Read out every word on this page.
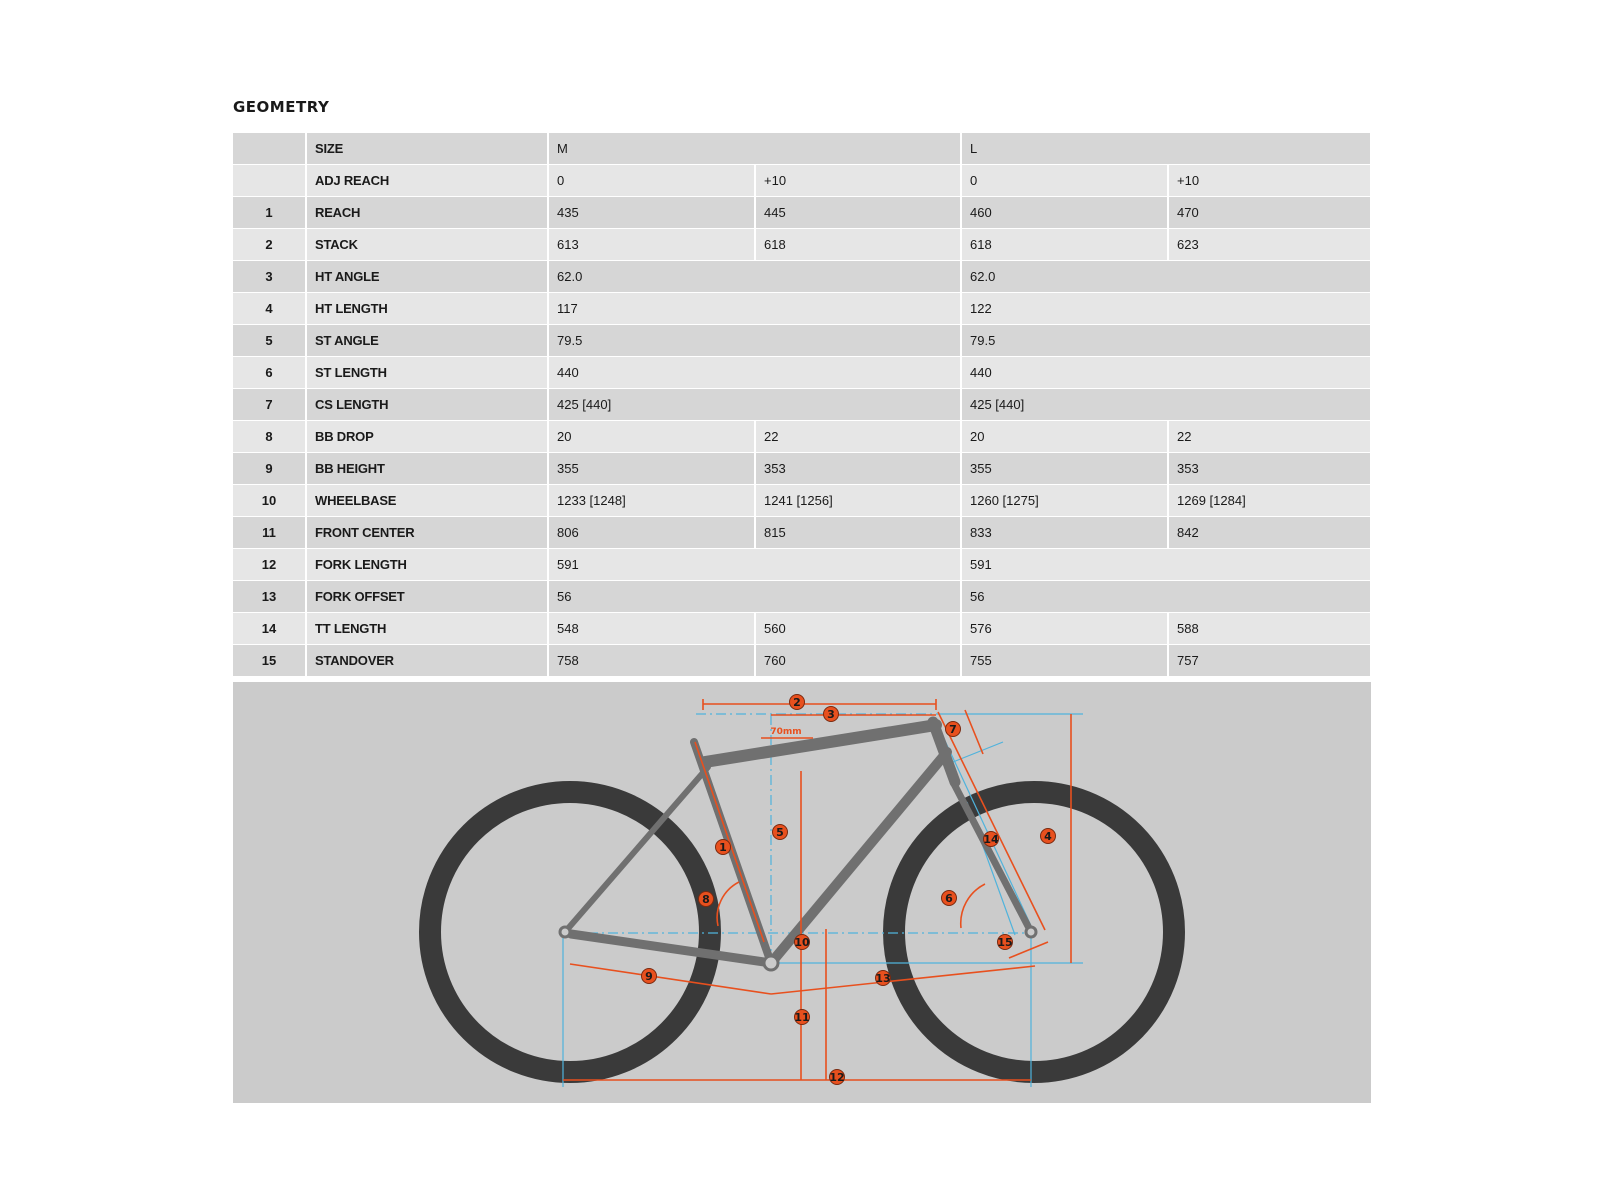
GEOMETRY
	SIZE	M		L	
	ADJ REACH	0	+10	0	+10
1	REACH	435	445	460	470
2	STACK	613	618	618	623
3	HT ANGLE	62.0		62.0	
4	HT LENGTH	117		122	
5	ST ANGLE	79.5		79.5	
6	ST LENGTH	440		440	
7	CS LENGTH	425 [440]		425 [440]	
8	BB DROP	20	22	20	22
9	BB HEIGHT	355	353	355	353
10	WHEELBASE	1233 [1248]	1241 [1256]	1260 [1275]	1269 [1284]
11	FRONT CENTER	806	815	833	842
12	FORK LENGTH	591		591	
13	FORK OFFSET	56		56	
14	TT LENGTH	548	560	576	588
15	STANDOVER	758	760	755	757
70mm
1
2
3
4
5
6
7
8
9
10
11
12
13
14
15
